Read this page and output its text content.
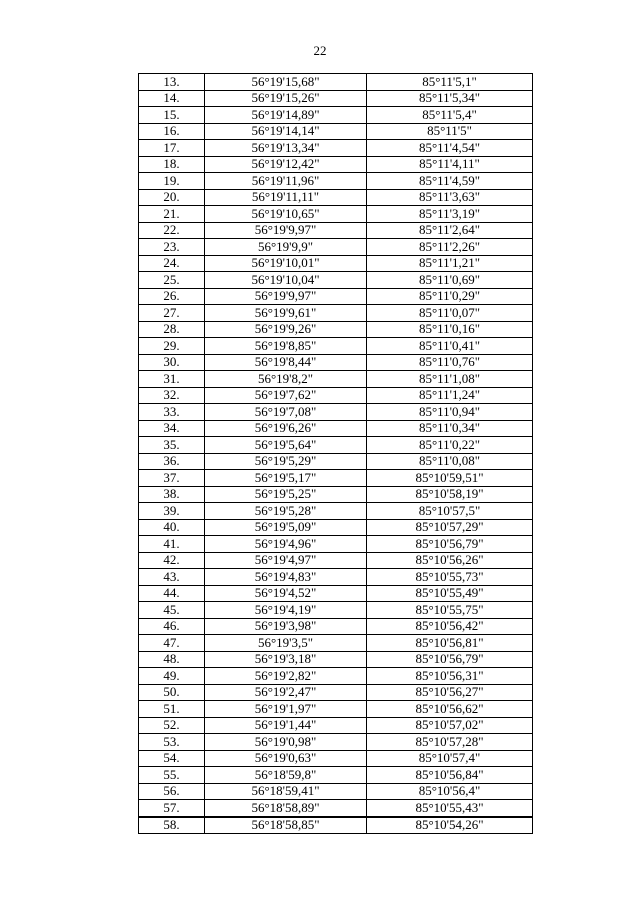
22
13.	56°19'15,68"	85°11'5,1"
14.	56°19'15,26"	85°11'5,34"
15.	56°19'14,89"	85°11'5,4"
16.	56°19'14,14"	85°11'5"
17.	56°19'13,34"	85°11'4,54"
18.	56°19'12,42"	85°11'4,11"
19.	56°19'11,96"	85°11'4,59"
20.	56°19'11,11"	85°11'3,63"
21.	56°19'10,65"	85°11'3,19"
22.	56°19'9,97"	85°11'2,64"
23.	56°19'9,9"	85°11'2,26"
24.	56°19'10,01"	85°11'1,21"
25.	56°19'10,04"	85°11'0,69"
26.	56°19'9,97"	85°11'0,29"
27.	56°19'9,61"	85°11'0,07"
28.	56°19'9,26"	85°11'0,16"
29.	56°19'8,85"	85°11'0,41"
30.	56°19'8,44"	85°11'0,76"
31.	56°19'8,2"	85°11'1,08"
32.	56°19'7,62"	85°11'1,24"
33.	56°19'7,08"	85°11'0,94"
34.	56°19'6,26"	85°11'0,34"
35.	56°19'5,64"	85°11'0,22"
36.	56°19'5,29"	85°11'0,08"
37.	56°19'5,17"	85°10'59,51"
38.	56°19'5,25"	85°10'58,19"
39.	56°19'5,28"	85°10'57,5"
40.	56°19'5,09"	85°10'57,29"
41.	56°19'4,96"	85°10'56,79"
42.	56°19'4,97"	85°10'56,26"
43.	56°19'4,83"	85°10'55,73"
44.	56°19'4,52"	85°10'55,49"
45.	56°19'4,19"	85°10'55,75"
46.	56°19'3,98"	85°10'56,42"
47.	56°19'3,5"	85°10'56,81"
48.	56°19'3,18"	85°10'56,79"
49.	56°19'2,82"	85°10'56,31"
50.	56°19'2,47"	85°10'56,27"
51.	56°19'1,97"	85°10'56,62"
52.	56°19'1,44"	85°10'57,02"
53.	56°19'0,98"	85°10'57,28"
54.	56°19'0,63"	85°10'57,4"
55.	56°18'59,8"	85°10'56,84"
56.	56°18'59,41"	85°10'56,4"
57.	56°18'58,89"	85°10'55,43"
58.	56°18'58,85"	85°10'54,26"
